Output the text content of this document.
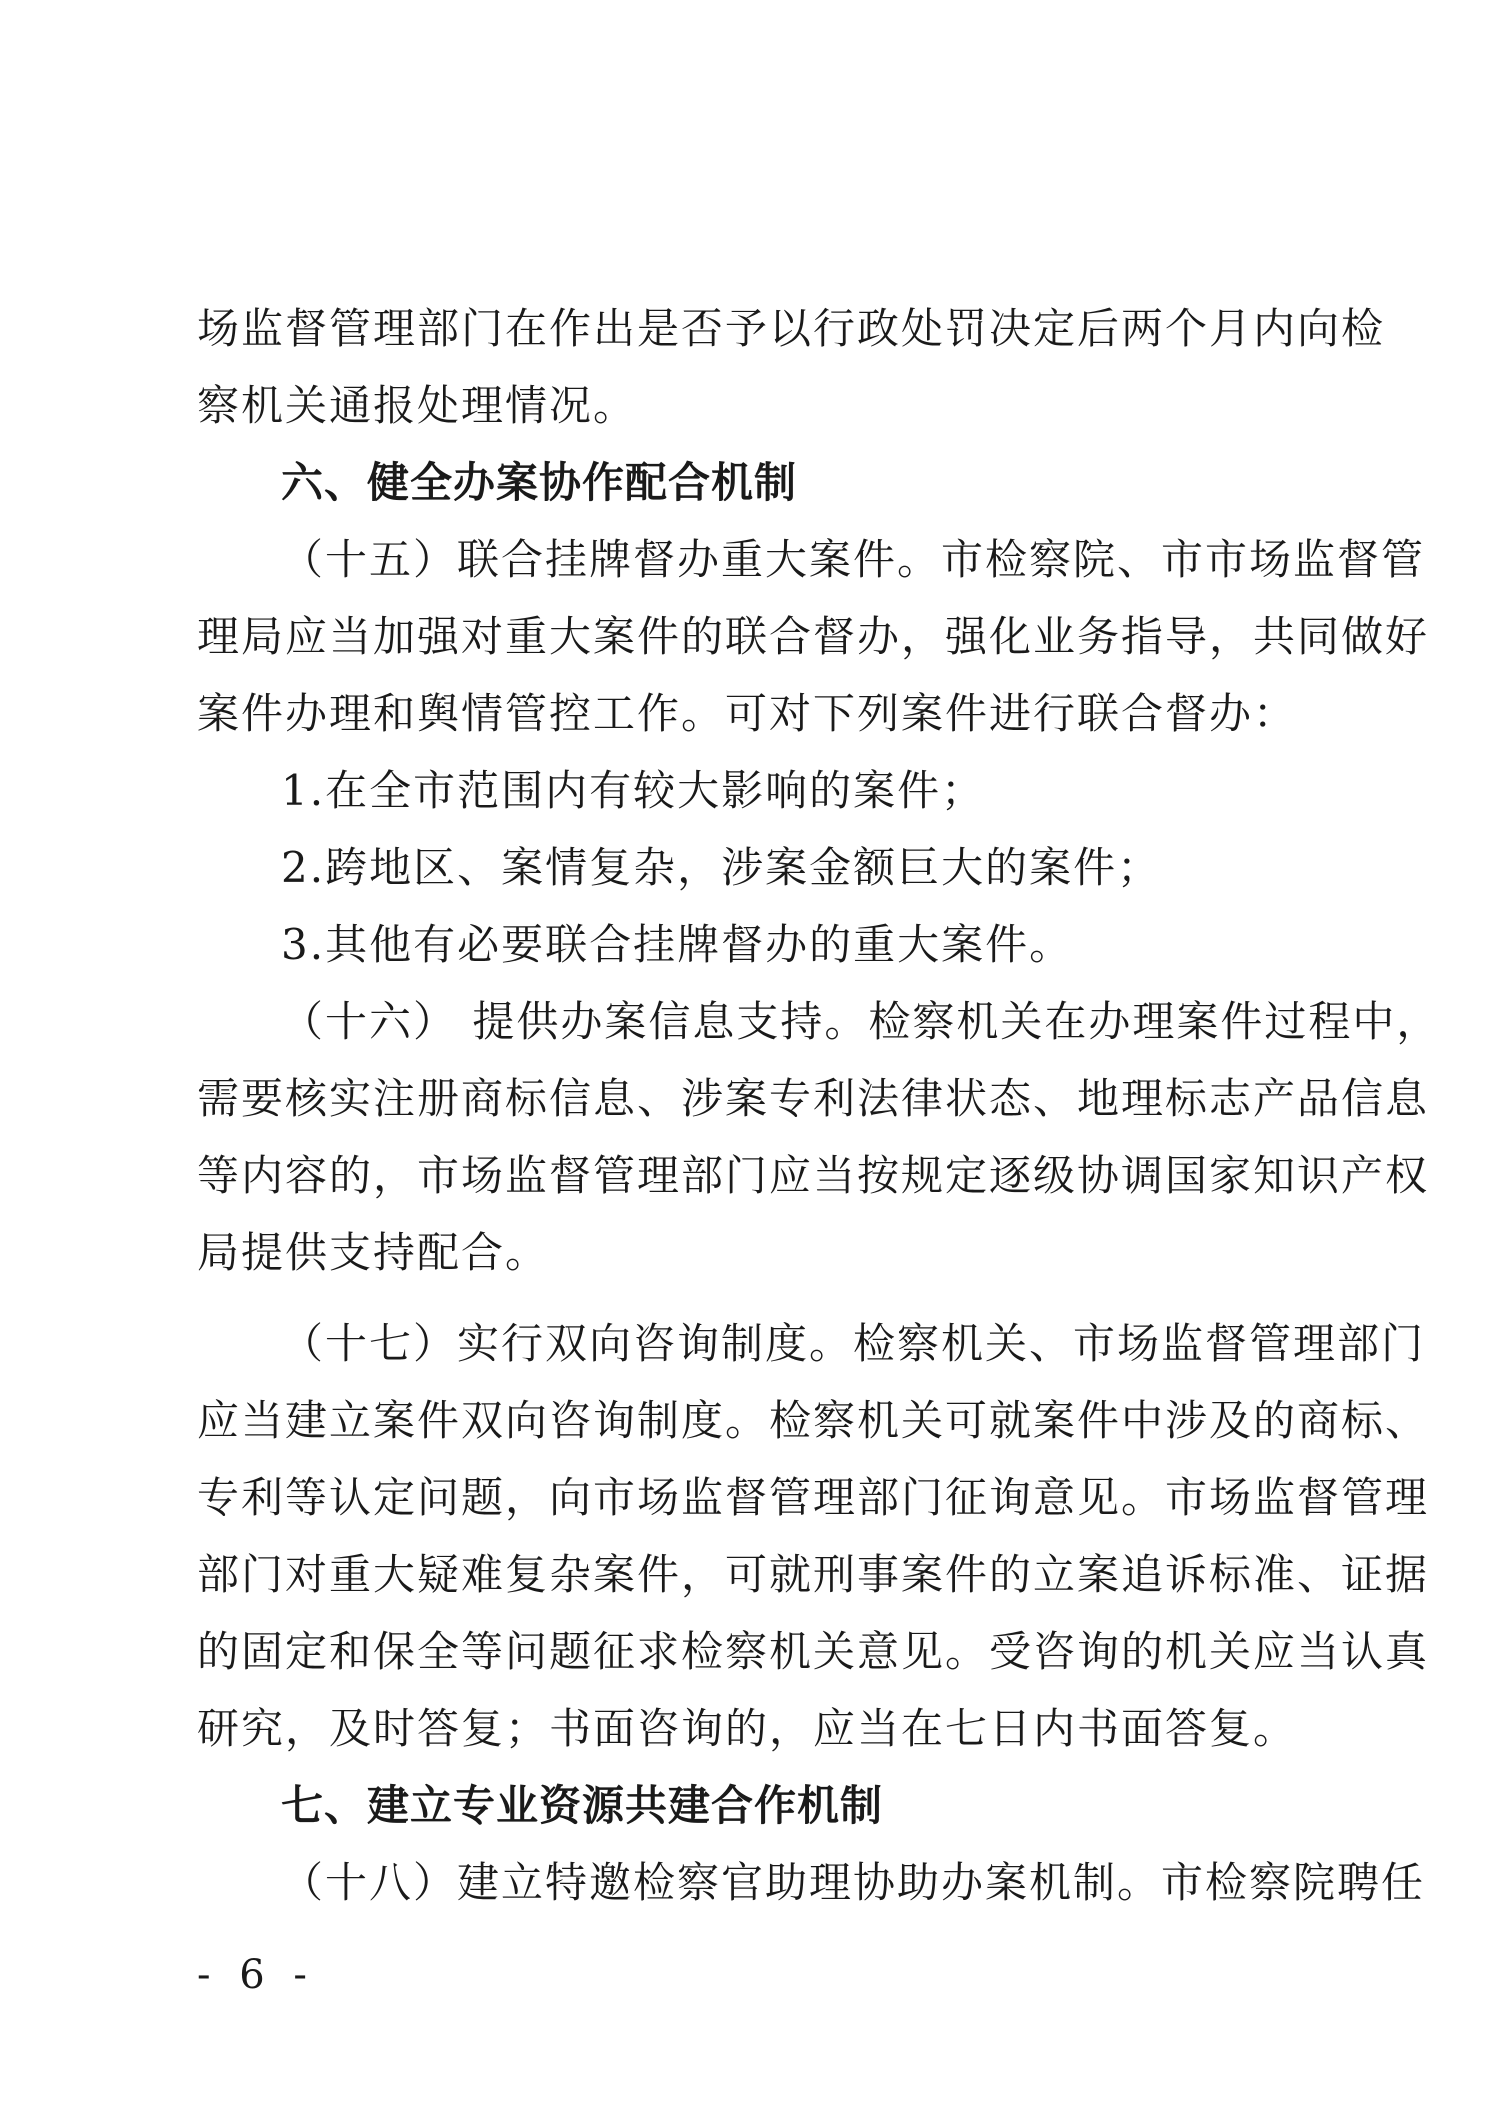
场监督管理部门在作出是否予以行政处罚决定后两个月内向检
察机关通报处理情况。
六、健全办案协作配合机制
（十五）联合挂牌督办重大案件。市检察院、市市场监督管
理局应当加强对重大案件的联合督办，强化业务指导，共同做好
案件办理和舆情管控工作。可对下列案件进行联合督办：
1.在全市范围内有较大影响的案件；
2.跨地区、案情复杂，涉案金额巨大的案件；
3.其他有必要联合挂牌督办的重大案件。
（十六） 提供办案信息支持。检察机关在办理案件过程中，
需要核实注册商标信息、涉案专利法律状态、地理标志产品信息
等内容的，市场监督管理部门应当按规定逐级协调国家知识产权
局提供支持配合。
（十七）实行双向咨询制度。检察机关、市场监督管理部门
应当建立案件双向咨询制度。检察机关可就案件中涉及的商标、
专利等认定问题，向市场监督管理部门征询意见。市场监督管理
部门对重大疑难复杂案件，可就刑事案件的立案追诉标准、证据
的固定和保全等问题征求检察机关意见。受咨询的机关应当认真
研究，及时答复；书面咨询的，应当在七日内书面答复。
七、建立专业资源共建合作机制
（十八）建立特邀检察官助理协助办案机制。市检察院聘任
- 6 -
